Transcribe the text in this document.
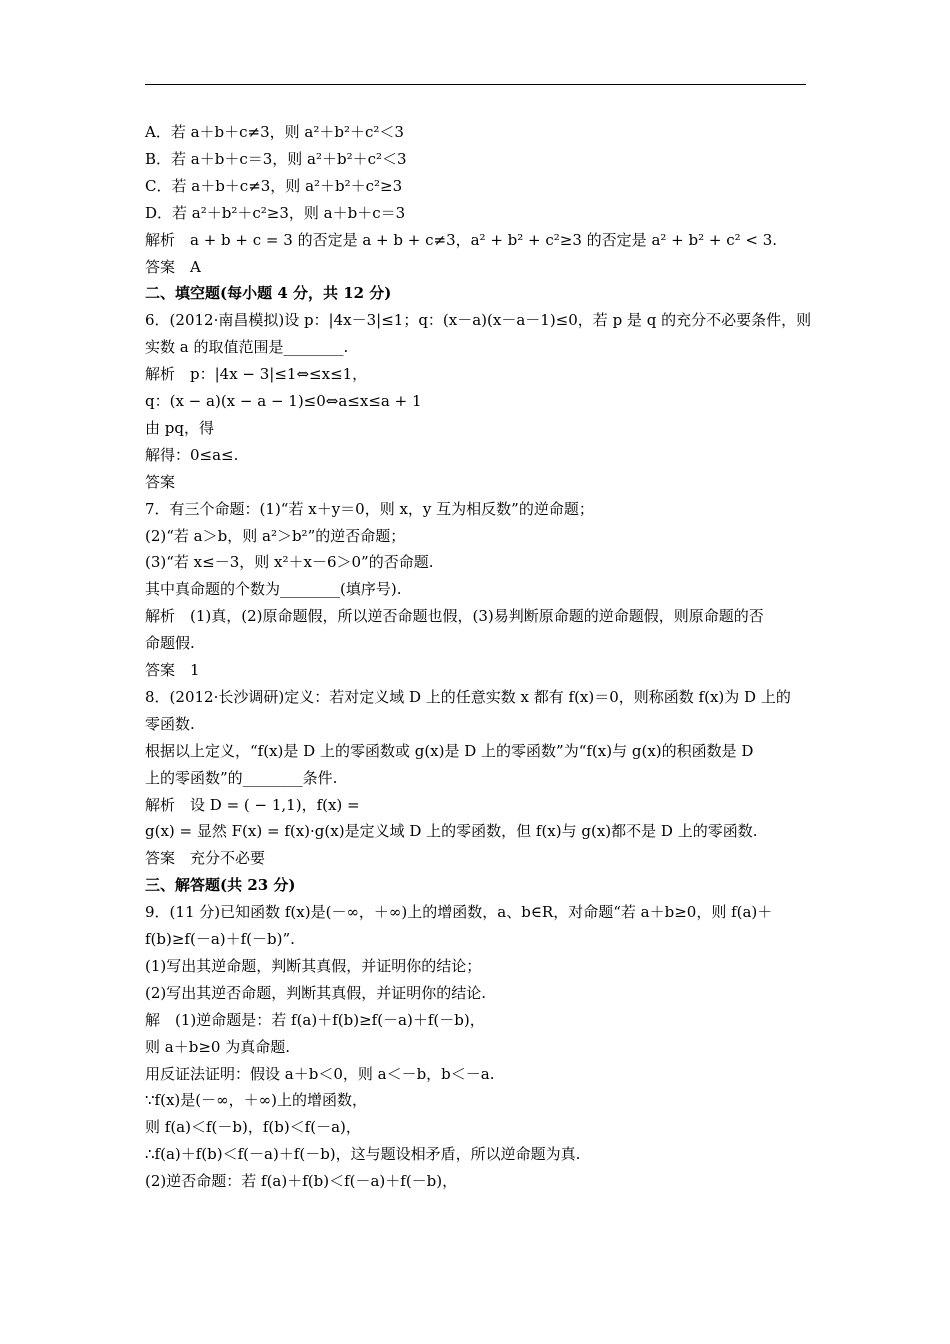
A．若 a＋b＋c≠3，则 a²＋b²＋c²＜3
B．若 a＋b＋c＝3，则 a²＋b²＋c²＜3
C．若 a＋b＋c≠3，则 a²＋b²＋c²≥3
D．若 a²＋b²＋c²≥3，则 a＋b＋c＝3
解析　a + b + c = 3 的否定是 a + b + c≠3，a² + b² + c²≥3 的否定是 a² + b² + c² < 3.
答案　A
二、填空题(每小题 4 分，共 12 分)
6．(2012·南昌模拟)设 p：|4x－3|≤1；q：(x－a)(x－a－1)≤0，若 p 是 q 的充分不必要条件，则
实数 a 的取值范围是________.
解析　p：|4x − 3|≤1⇔≤x≤1，
q：(x − a)(x − a − 1)≤0⇔a≤x≤a + 1
由 pq，得
解得：0≤a≤.
答案
7．有三个命题：(1)“若 x＋y＝0，则 x，y 互为相反数”的逆命题；
(2)“若 a＞b，则 a²＞b²”的逆否命题；
(3)“若 x≤－3，则 x²＋x－6＞0”的否命题.
其中真命题的个数为________(填序号).
解析　(1)真，(2)原命题假，所以逆否命题也假，(3)易判断原命题的逆命题假，则原命题的否
命题假.
答案　1
8．(2012·长沙调研)定义：若对定义域 D 上的任意实数 x 都有 f(x)＝0，则称函数 f(x)为 D 上的
零函数.
根据以上定义，“f(x)是 D 上的零函数或 g(x)是 D 上的零函数”为“f(x)与 g(x)的积函数是 D
上的零函数”的________条件.
解析　设 D = ( − 1,1)，f(x) =
g(x) = 显然 F(x) = f(x)·g(x)是定义域 D 上的零函数，但 f(x)与 g(x)都不是 D 上的零函数.
答案　充分不必要
三、解答题(共 23 分)
9．(11 分)已知函数 f(x)是(－∞，＋∞)上的增函数，a、b∈R，对命题“若 a＋b≥0，则 f(a)＋
f(b)≥f(－a)＋f(－b)”.
(1)写出其逆命题，判断其真假，并证明你的结论；
(2)写出其逆否命题，判断其真假，并证明你的结论.
解　(1)逆命题是：若 f(a)＋f(b)≥f(－a)＋f(－b)，
则 a＋b≥0 为真命题.
用反证法证明：假设 a＋b＜0，则 a＜－b，b＜－a.
∵f(x)是(－∞，＋∞)上的增函数，
则 f(a)＜f(－b)，f(b)＜f(－a)，
∴f(a)＋f(b)＜f(－a)＋f(－b)，这与题设相矛盾，所以逆命题为真.
(2)逆否命题：若 f(a)＋f(b)＜f(－a)＋f(－b)，
